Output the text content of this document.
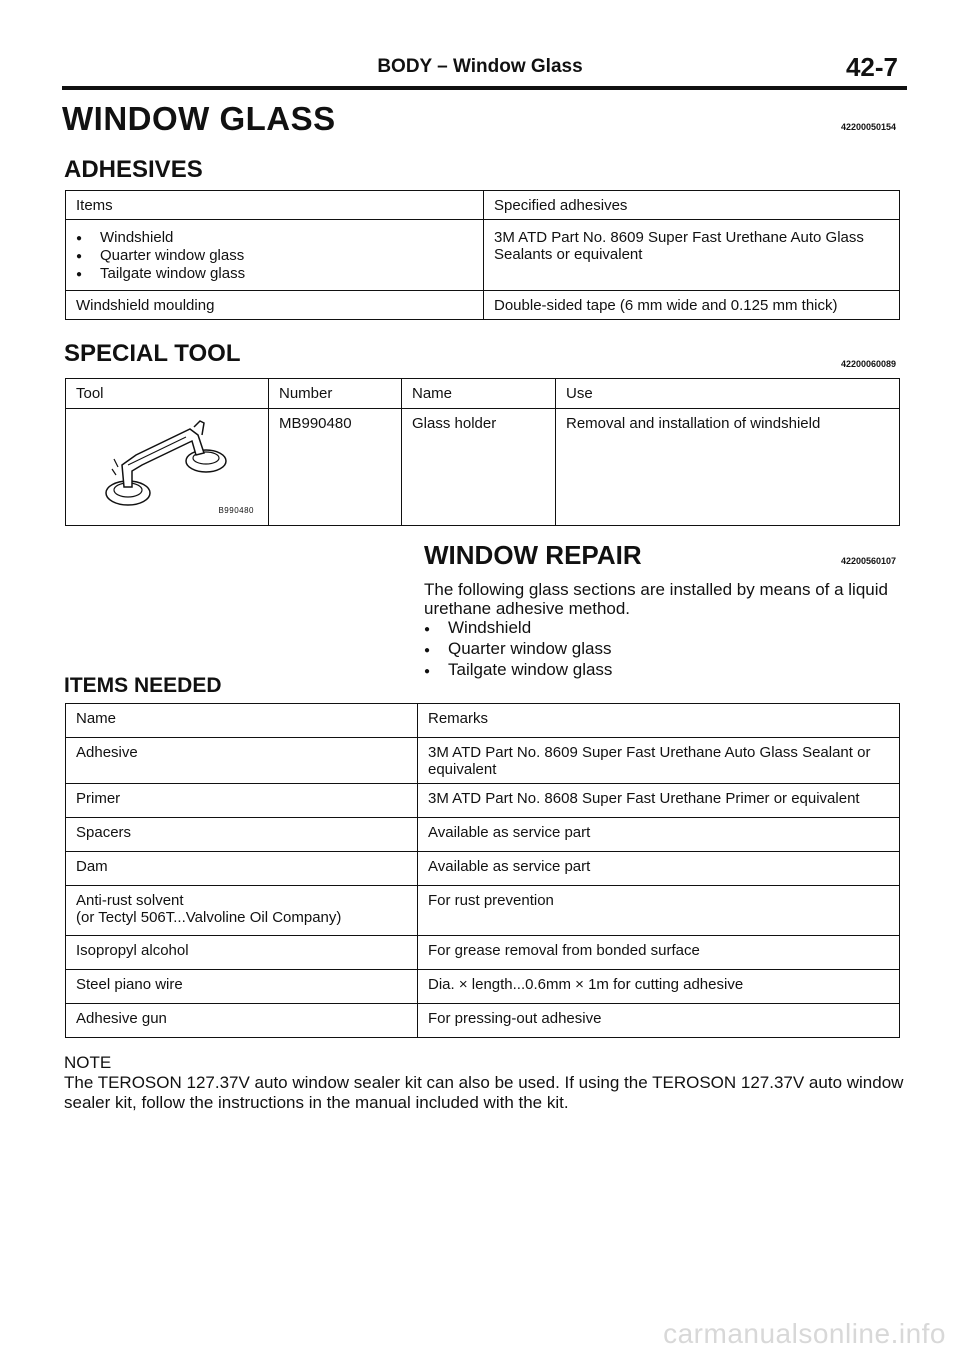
BODY – Window Glass	42-7
WINDOW GLASS	42200050154
ADHESIVES
Items	Specified adhesives

● Windshield
● Quarter window glass
● Tailgate window glass	3M ATD Part No. 8609 Super Fast Urethane Auto Glass Sealants or equivalent
Windshield moulding	Double-sided tape (6 mm wide and 0.125 mm thick)
SPECIAL TOOL	42200060089
Tool	Number	Name	Use

B990480	MB990480	Glass holder	Removal and installation of windshield
WINDOW REPAIR	42200560107
The following glass sections are installed by means of a liquid urethane adhesive method.
● Windshield
● Quarter window glass
● Tailgate window glass
ITEMS NEEDED
Name	Remarks

Adhesive	3M ATD Part No. 8609 Super Fast Urethane Auto Glass Sealant or equivalent
Primer	3M ATD Part No. 8608 Super Fast Urethane Primer or equivalent
Spacers	Available as service part
Dam	Available as service part

Anti-rust solvent
(or Tectyl 506T...Valvoline Oil Company)	For rust prevention
Isopropyl alcohol	For grease removal from bonded surface
Steel piano wire	Dia. × length...0.6mm × 1m for cutting adhesive
Adhesive gun	For pressing-out adhesive
NOTE
The TEROSON 127.37V auto window sealer kit can also be used. If using the TEROSON 127.37V auto window sealer kit, follow the instructions in the manual included with the kit.
carmanualsonline.info
